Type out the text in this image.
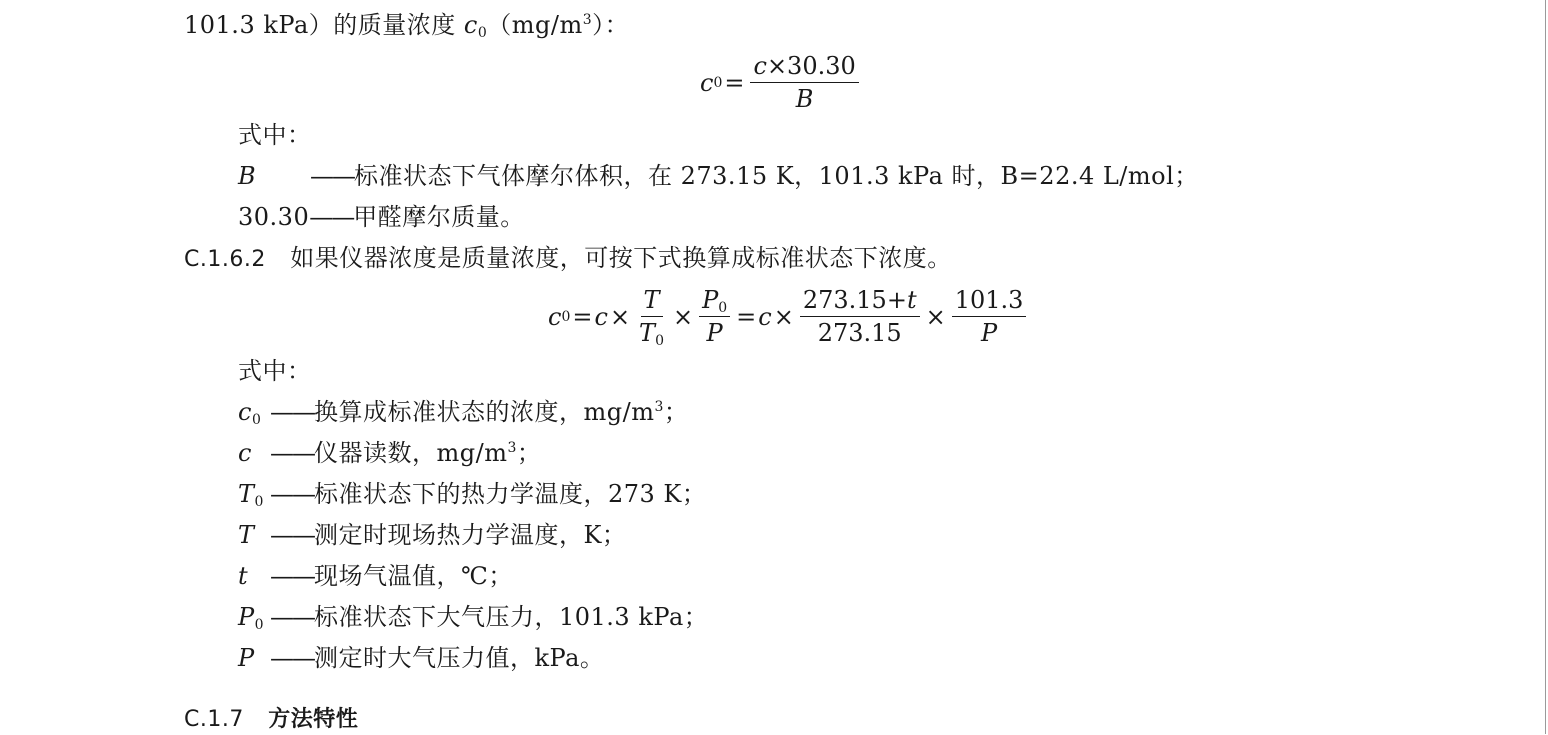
101.3 kPa）的质量浓度 $c_0(mg/m^3)$：
c $0 = \frac{c\times 30.30}{B}$
式中：
B ——标准状态下气体摩尔体积，在 273.15 K，101.3 kPa 时，B=22.4 L/mol；
30.30——甲醛摩尔质量。
C.1.6.2 如果仪器浓度是质量浓度，可按下式换算成标准状态下浓度。
c $0 = c \times \frac{T}{T_0} \times \frac{P_0}{P} = c \times \frac{273.15+t}{273.15} \times \frac{101.3}{P}$
式中：
$c_0$ ——换算成标准状态的浓度，$mg/m^3$；
c ——仪器读数，$mg/m^3$；
$T_0$ ——标准状态下的热力学温度，273 K；
T ——测定时现场热力学温度，K；
t ——现场气温值，℃；
$P_0$ ——标准状态下大气压力，101.3 kPa；
P ——测定时大气压力值，kPa。
C.1.7 方法特性
